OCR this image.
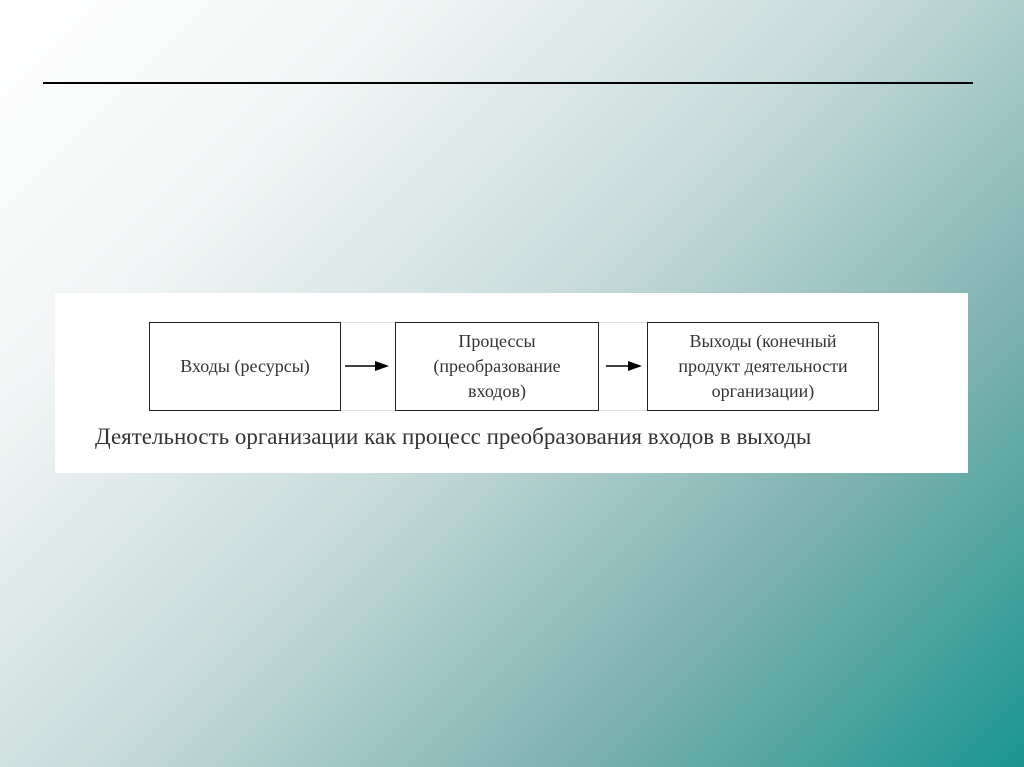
Входы (ресурсы)
Процессы
(преобразование
входов)
Выходы (конечный
продукт деятельности
организации)
Деятельность организации как процесс преобразования входов в выходы
